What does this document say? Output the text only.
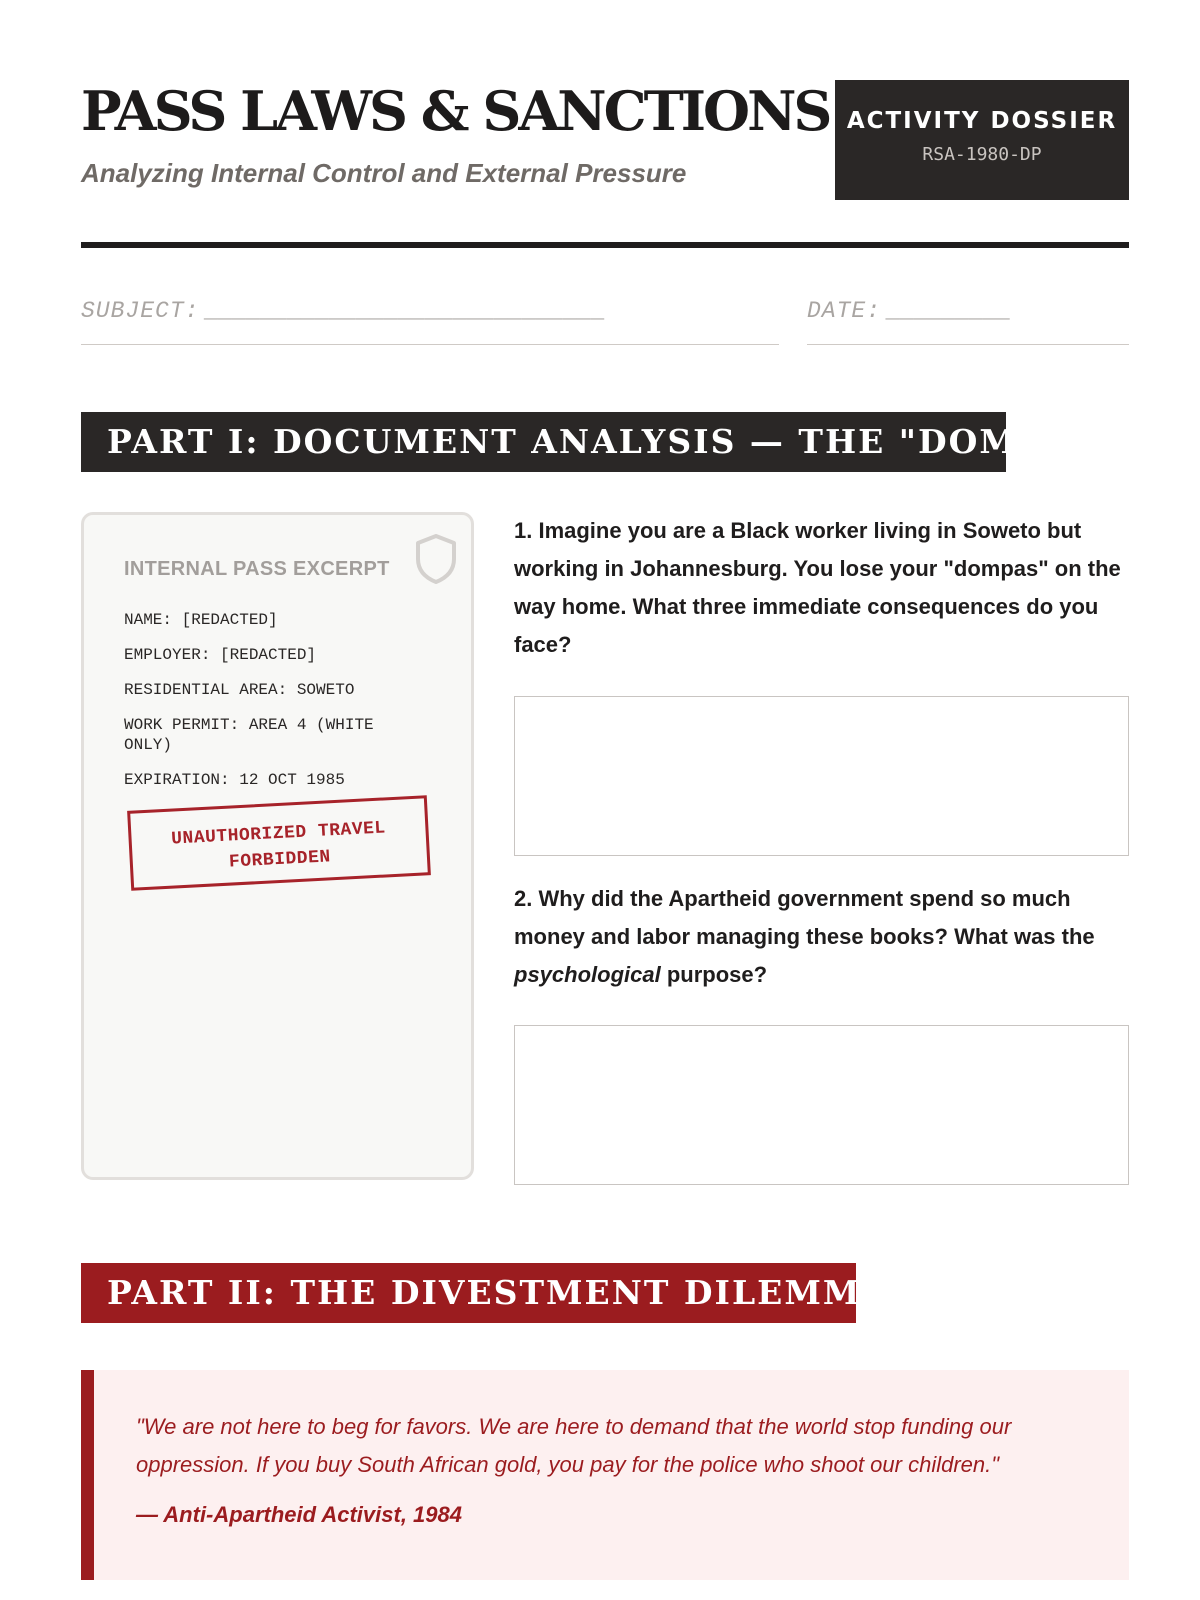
PASS LAWS & SANCTIONS
Analyzing Internal Control and External Pressure
ACTIVITY DOSSIER
RSA-1980-DP
SUBJECT: _____________________________	DATE: _________
PART I: DOCUMENT ANALYSIS — THE "DOMPAS"
INTERNAL PASS EXCERPT
NAME: [REDACTED]
EMPLOYER: [REDACTED]
RESIDENTIAL AREA: SOWETO
WORK PERMIT: AREA 4 (WHITE ONLY)
EXPIRATION: 12 OCT 1985
UNAUTHORIZED TRAVEL
FORBIDDEN
1. Imagine you are a Black worker living in Soweto but working in Johannesburg. You lose your "dompas" on the way home. What three immediate consequences do you face?
2. Why did the Apartheid government spend so much money and labor managing these books? What was the psychological purpose?
PART II: THE DIVESTMENT DILEMMA
"We are not here to beg for favors. We are here to demand that the world stop funding our oppression. If you buy South African gold, you pay for the police who shoot our children."
— Anti-Apartheid Activist, 1984
